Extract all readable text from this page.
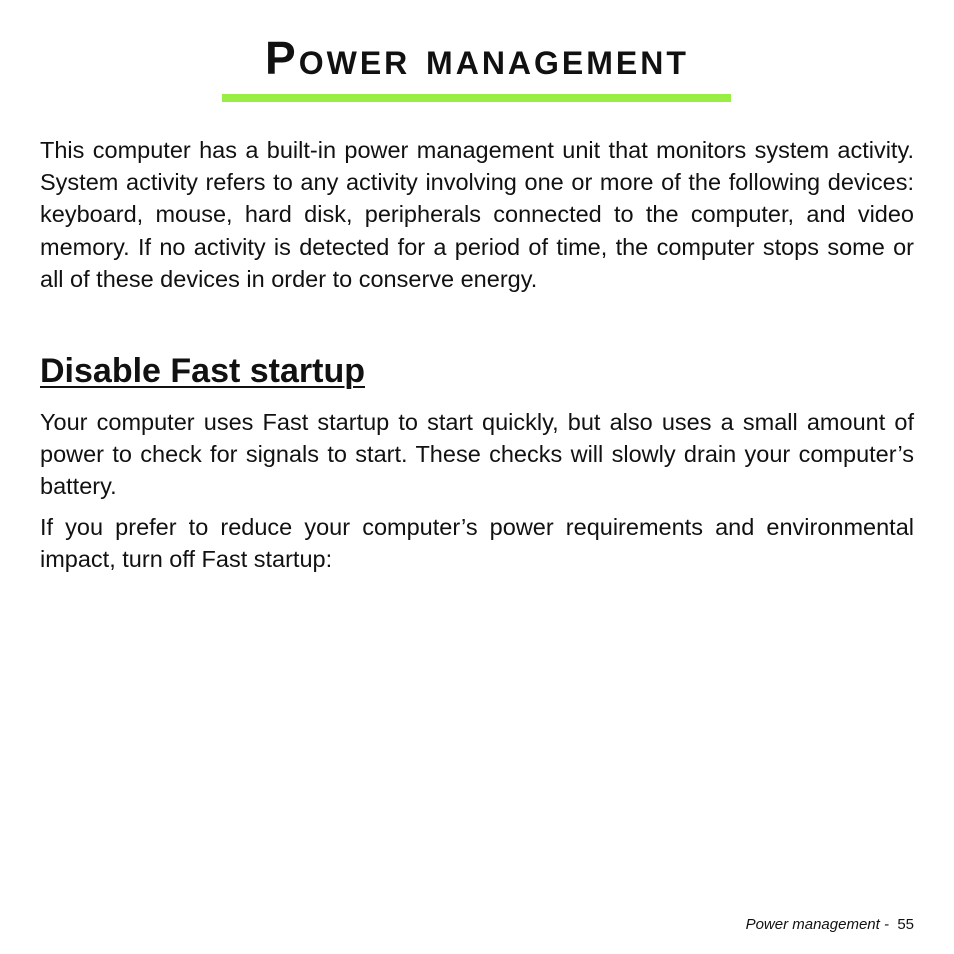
Power management

This computer has a built-in power management unit that monitors system activity. System activity refers to any activity involving one or more of the following devices: keyboard, mouse, hard disk, peripherals connected to the computer, and video memory. If no activity is detected for a period of time, the computer stops some or all of these devices in order to conserve energy.

Disable Fast startup

Your computer uses Fast startup to start quickly, but also uses a small amount of power to check for signals to start. These checks will slowly drain your computer’s battery.

If you prefer to reduce your computer’s power requirements and environmental impact, turn off Fast startup:

Power management - 55
